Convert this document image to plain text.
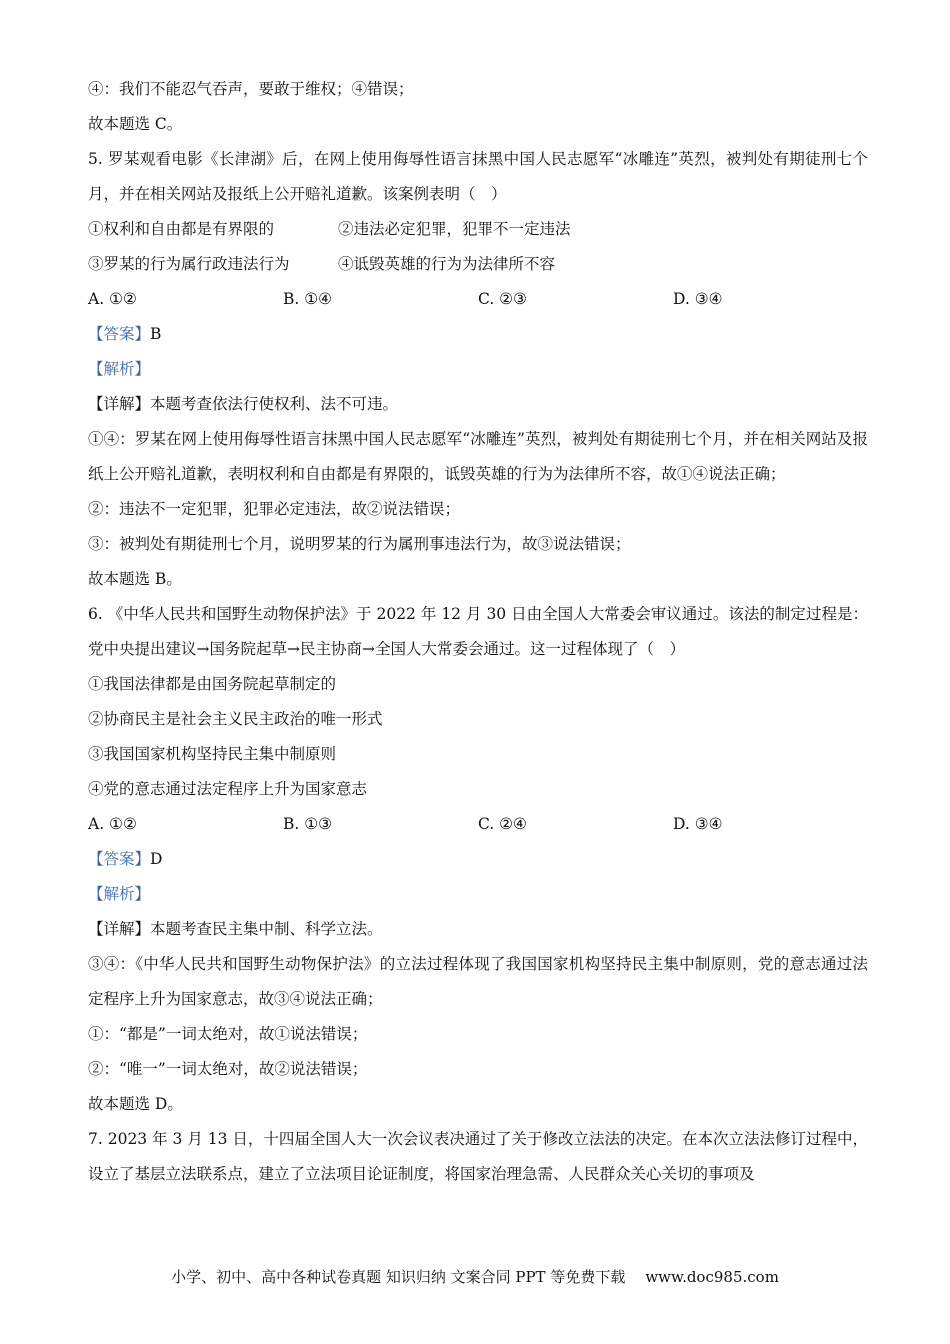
④：我们不能忍气吞声，要敢于维权；④错误；
故本题选 C。
5. 罗某观看电影《长津湖》后，在网上使用侮辱性语言抹黑中国人民志愿军“冰雕连”英烈，被判处有期徒刑七个月，并在相关网站及报纸上公开赔礼道歉。该案例表明（　）
①权利和自由都是有界限的	②违法必定犯罪，犯罪不一定违法
③罗某的行为属行政违法行为	④诋毁英雄的行为为法律所不容
A. ①②	B. ①④	C. ②③	D. ③④
【答案】B
【解析】
【详解】本题考查依法行使权利、法不可违。
①④：罗某在网上使用侮辱性语言抹黑中国人民志愿军“冰雕连”英烈，被判处有期徒刑七个月，并在相关网站及报纸上公开赔礼道歉，表明权利和自由都是有界限的，诋毁英雄的行为为法律所不容，故①④说法正确；
②：违法不一定犯罪，犯罪必定违法，故②说法错误；
③：被判处有期徒刑七个月，说明罗某的行为属刑事违法行为，故③说法错误；
故本题选 B。
6. 《中华人民共和国野生动物保护法》于 2022 年 12 月 30 日由全国人大常委会审议通过。该法的制定过程是：党中央提出建议→国务院起草→民主协商→全国人大常委会通过。这一过程体现了（　）
①我国法律都是由国务院起草制定的
②协商民主是社会主义民主政治的唯一形式
③我国国家机构坚持民主集中制原则
④党的意志通过法定程序上升为国家意志
A. ①②	B. ①③	C. ②④	D. ③④
【答案】D
【解析】
【详解】本题考查民主集中制、科学立法。
③④：《中华人民共和国野生动物保护法》的立法过程体现了我国国家机构坚持民主集中制原则，党的意志通过法定程序上升为国家意志，故③④说法正确；
①：“都是”一词太绝对，故①说法错误；
②：“唯一”一词太绝对，故②说法错误；
故本题选 D。
7. 2023 年 3 月 13 日，十四届全国人大一次会议表决通过了关于修改立法法的决定。在本次立法法修订过程中，设立了基层立法联系点，建立了立法项目论证制度，将国家治理急需、人民群众关心关切的事项及
小学、初中、高中各种试卷真题 知识归纳 文案合同 PPT 等免费下载 www.doc985.com
